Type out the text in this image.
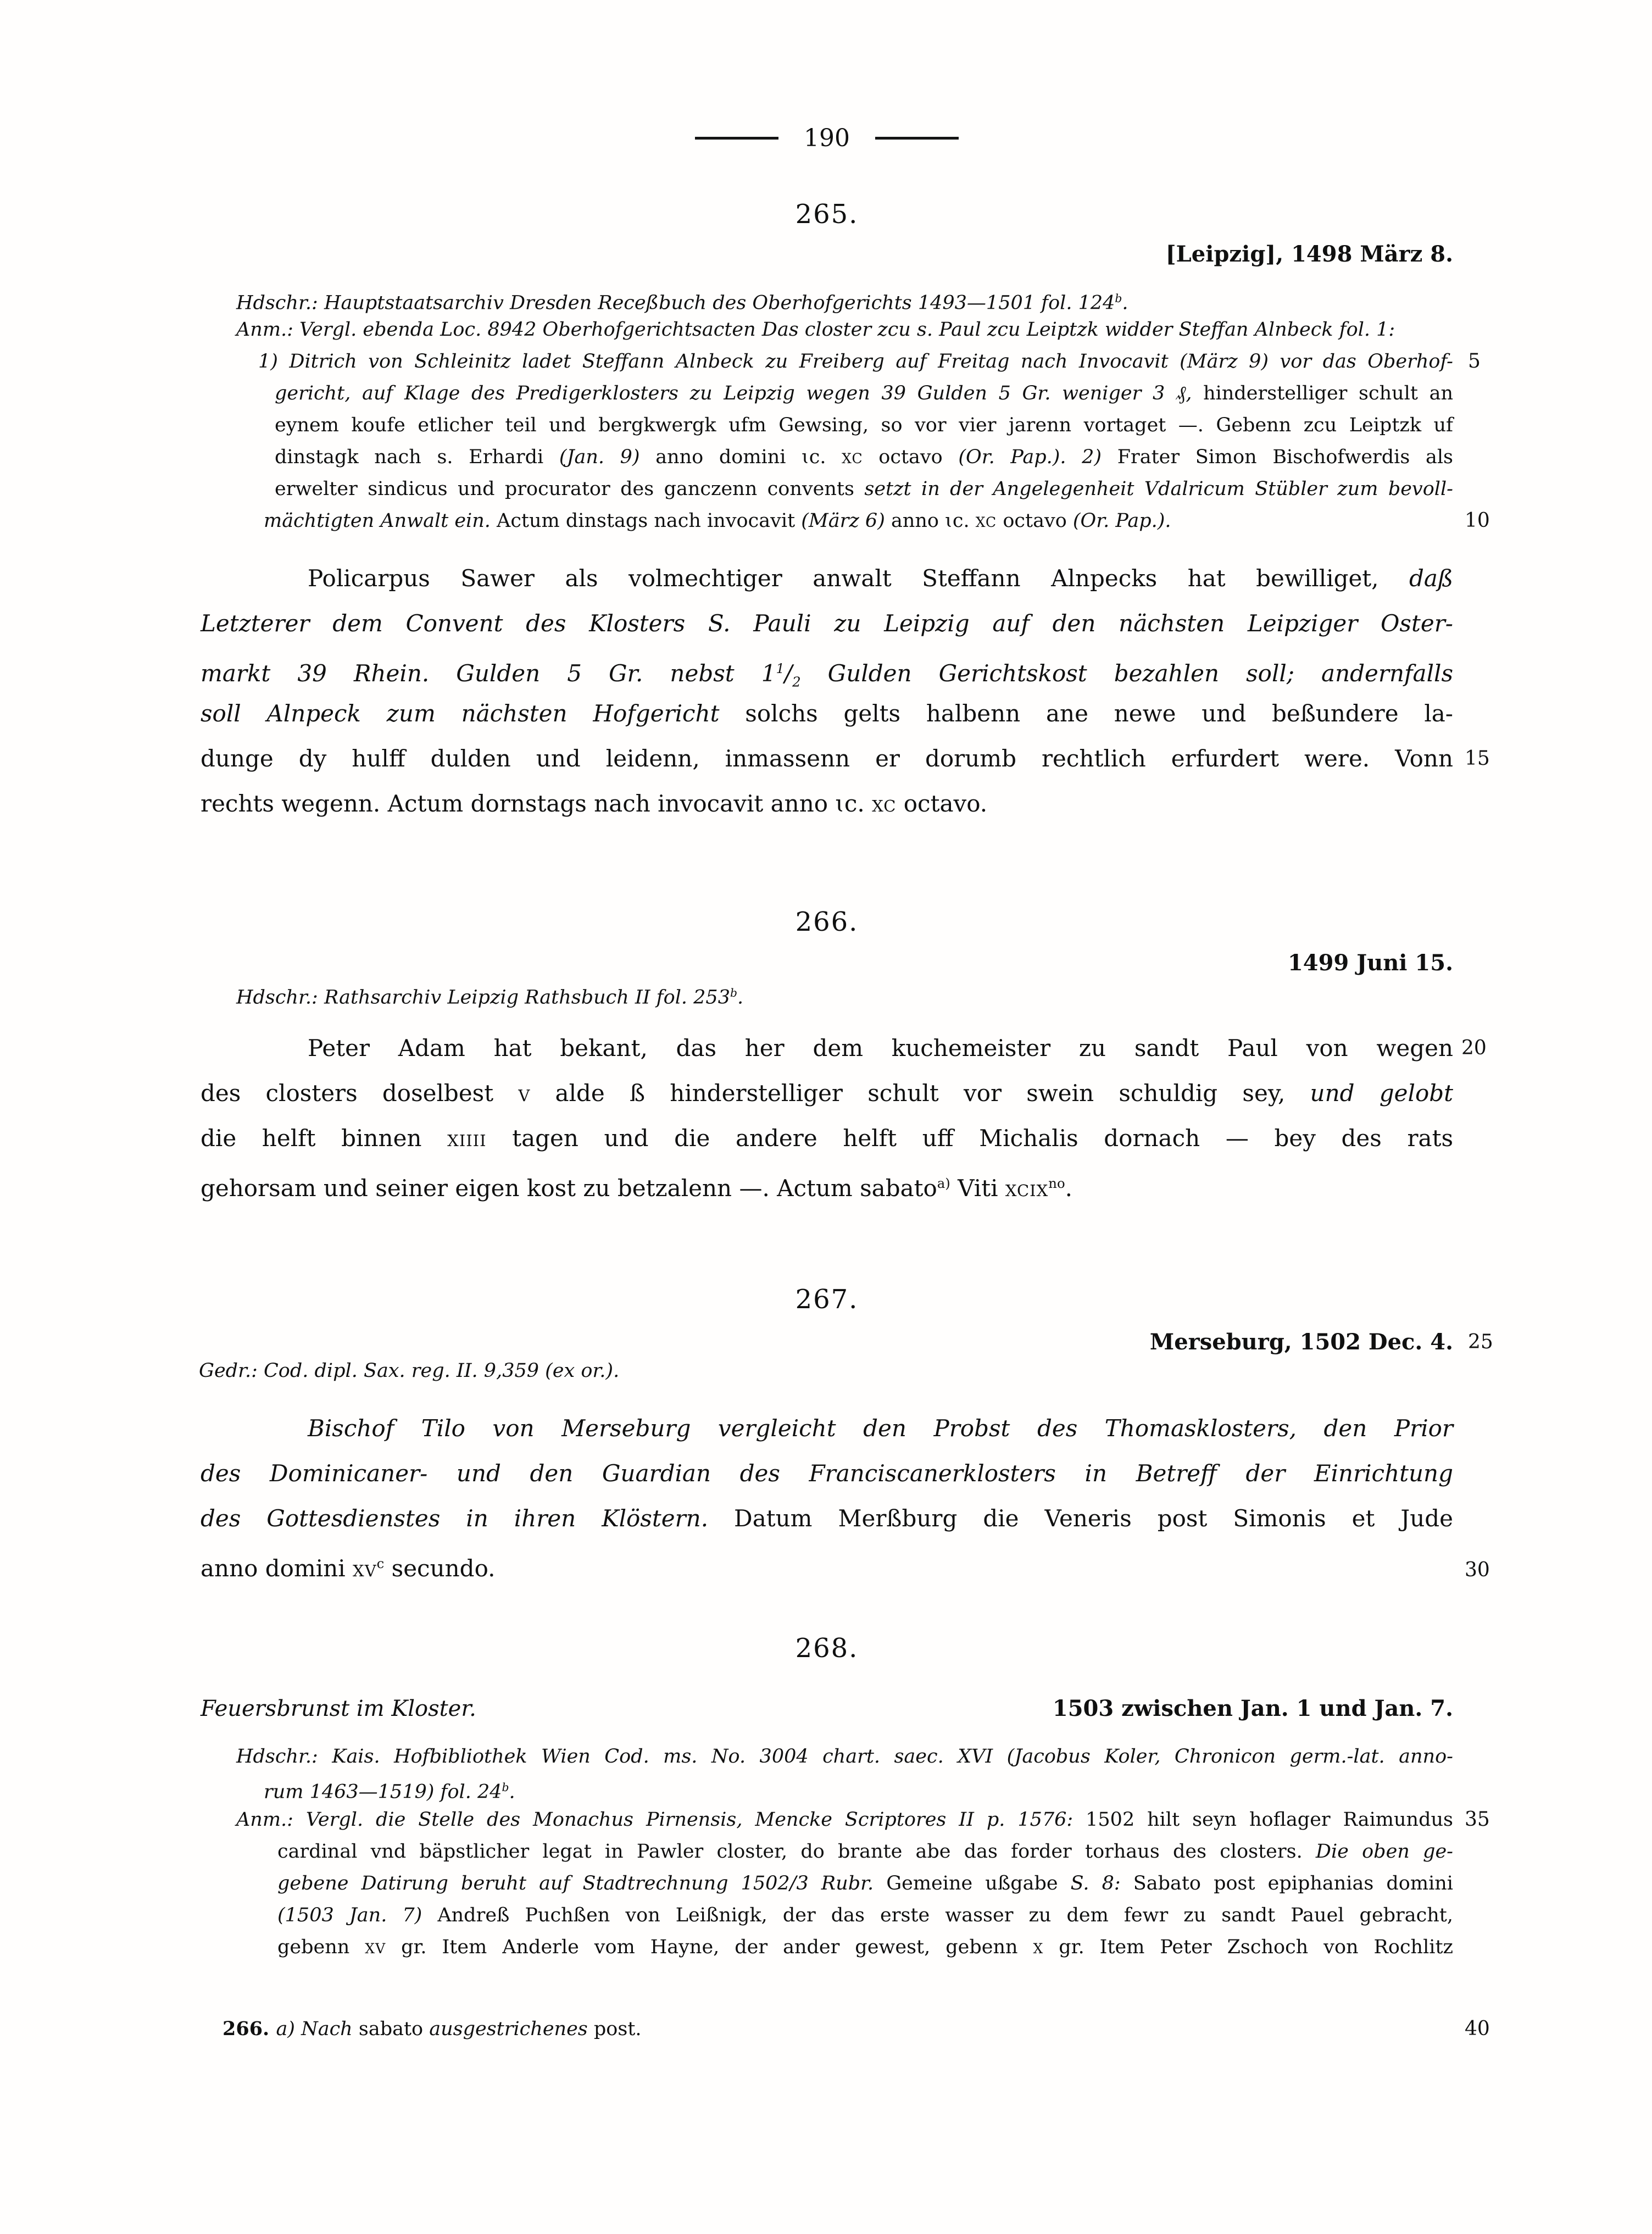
190
265.
[Leipzig], 1498 März 8.
Hdschr.: Hauptstaatsarchiv Dresden Receßbuch des Oberhofgerichts 1493—1501 fol. 124$^b$.
Anm.: Vergl. ebenda Loc. 8942 Oberhofgerichtsacten Das closter zcu s. Paul zcu Leiptzk widder Steffan Alnbeck fol. 1:
1) Ditrich von Schleinitz ladet Steffann Alnbeck zu Freiberg auf Freitag nach Invocavit (März 9) vor das Oberhof-
gericht, auf Klage des Predigerklosters zu Leipzig wegen 39 Gulden 5 Gr. weniger 3 ₰, hinderstelliger schult an
eynem koufe etlicher teil und bergkwergk ufm Gewsing, so vor vier jarenn vortaget —. Gebenn zcu Leiptzk uf
dinstagk nach s. Erhardi (Jan. 9) anno domini ɩc. xc octavo (Or. Pap.). 2) Frater Simon Bischofwerdis als
erwelter sindicus und procurator des ganczenn convents setzt in der Angelegenheit Vdalricum Stübler zum bevoll-
mächtigten Anwalt ein. Actum dinstags nach invocavit (März 6) anno ɩc. xc octavo (Or. Pap.).
Policarpus Sawer als volmechtiger anwalt Steffann Alnpecks hat bewilliget, daß
Letzterer dem Convent des Klosters S. Pauli zu Leipzig auf den nächsten Leipziger Oster-
markt 39 Rhein. Gulden 5 Gr. nebst $1^1/_2$ Gulden Gerichtskost bezahlen soll; andernfalls
soll Alnpeck zum nächsten Hofgericht solchs gelts halbenn ane newe und beßundere la-
dunge dy hulff dulden und leidenn, inmassenn er dorumb rechtlich erfurdert were. Vonn
rechts wegenn. Actum dornstags nach invocavit anno ɩc. xc octavo.
266.
1499 Juni 15.
Hdschr.: Rathsarchiv Leipzig Rathsbuch II fol. 253$^b$.
Peter Adam hat bekant, das her dem kuchemeister zu sandt Paul von wegen
des closters doselbest v alde ß hinderstelliger schult vor swein schuldig sey, und gelobt
die helft binnen xiiii tagen und die andere helft uff Michalis dornach — bey des rats
gehorsam und seiner eigen kost zu betzalenn —. Actum sabato$^{a)}$ Viti xcix$^{no}$.
267.
Merseburg, 1502 Dec. 4.
Gedr.: Cod. dipl. Sax. reg. II. 9,359 (ex or.).
Bischof Tilo von Merseburg vergleicht den Probst des Thomasklosters, den Prior
des Dominicaner- und den Guardian des Franciscanerklosters in Betreff der Einrichtung
des Gottesdienstes in ihren Klöstern. Datum Merßburg die Veneris post Simonis et Jude
anno domini $xv^c$ secundo.
268.
Feuersbrunst im Kloster.	1503 zwischen Jan. 1 und Jan. 7.
Hdschr.: Kais. Hofbibliothek Wien Cod. ms. No. 3004 chart. saec. XVI (Jacobus Koler, Chronicon germ.-lat. anno-
rum 1463—1519) fol. 24$^b$.
Anm.: Vergl. die Stelle des Monachus Pirnensis, Mencke Scriptores II p. 1576: 1502 hilt seyn hoflager Raimundus
cardinal vnd bäpstlicher legat in Pawler closter, do brante abe das forder torhaus des closters. Die oben ge-
gebene Datirung beruht auf Stadtrechnung 1502/3 Rubr. Gemeine ußgabe S. 8: Sabato post epiphanias domini
(1503 Jan. 7) Andreß Puchßen von Leißnigk, der das erste wasser zu dem fewr zu sandt Pauel gebracht,
gebenn xv gr. Item Anderle vom Hayne, der ander gewest, gebenn x gr. Item Peter Zschoch von Rochlitz
266. a) Nach sabato ausgestrichenes post.
5
10
15
20
25
30
35
40
